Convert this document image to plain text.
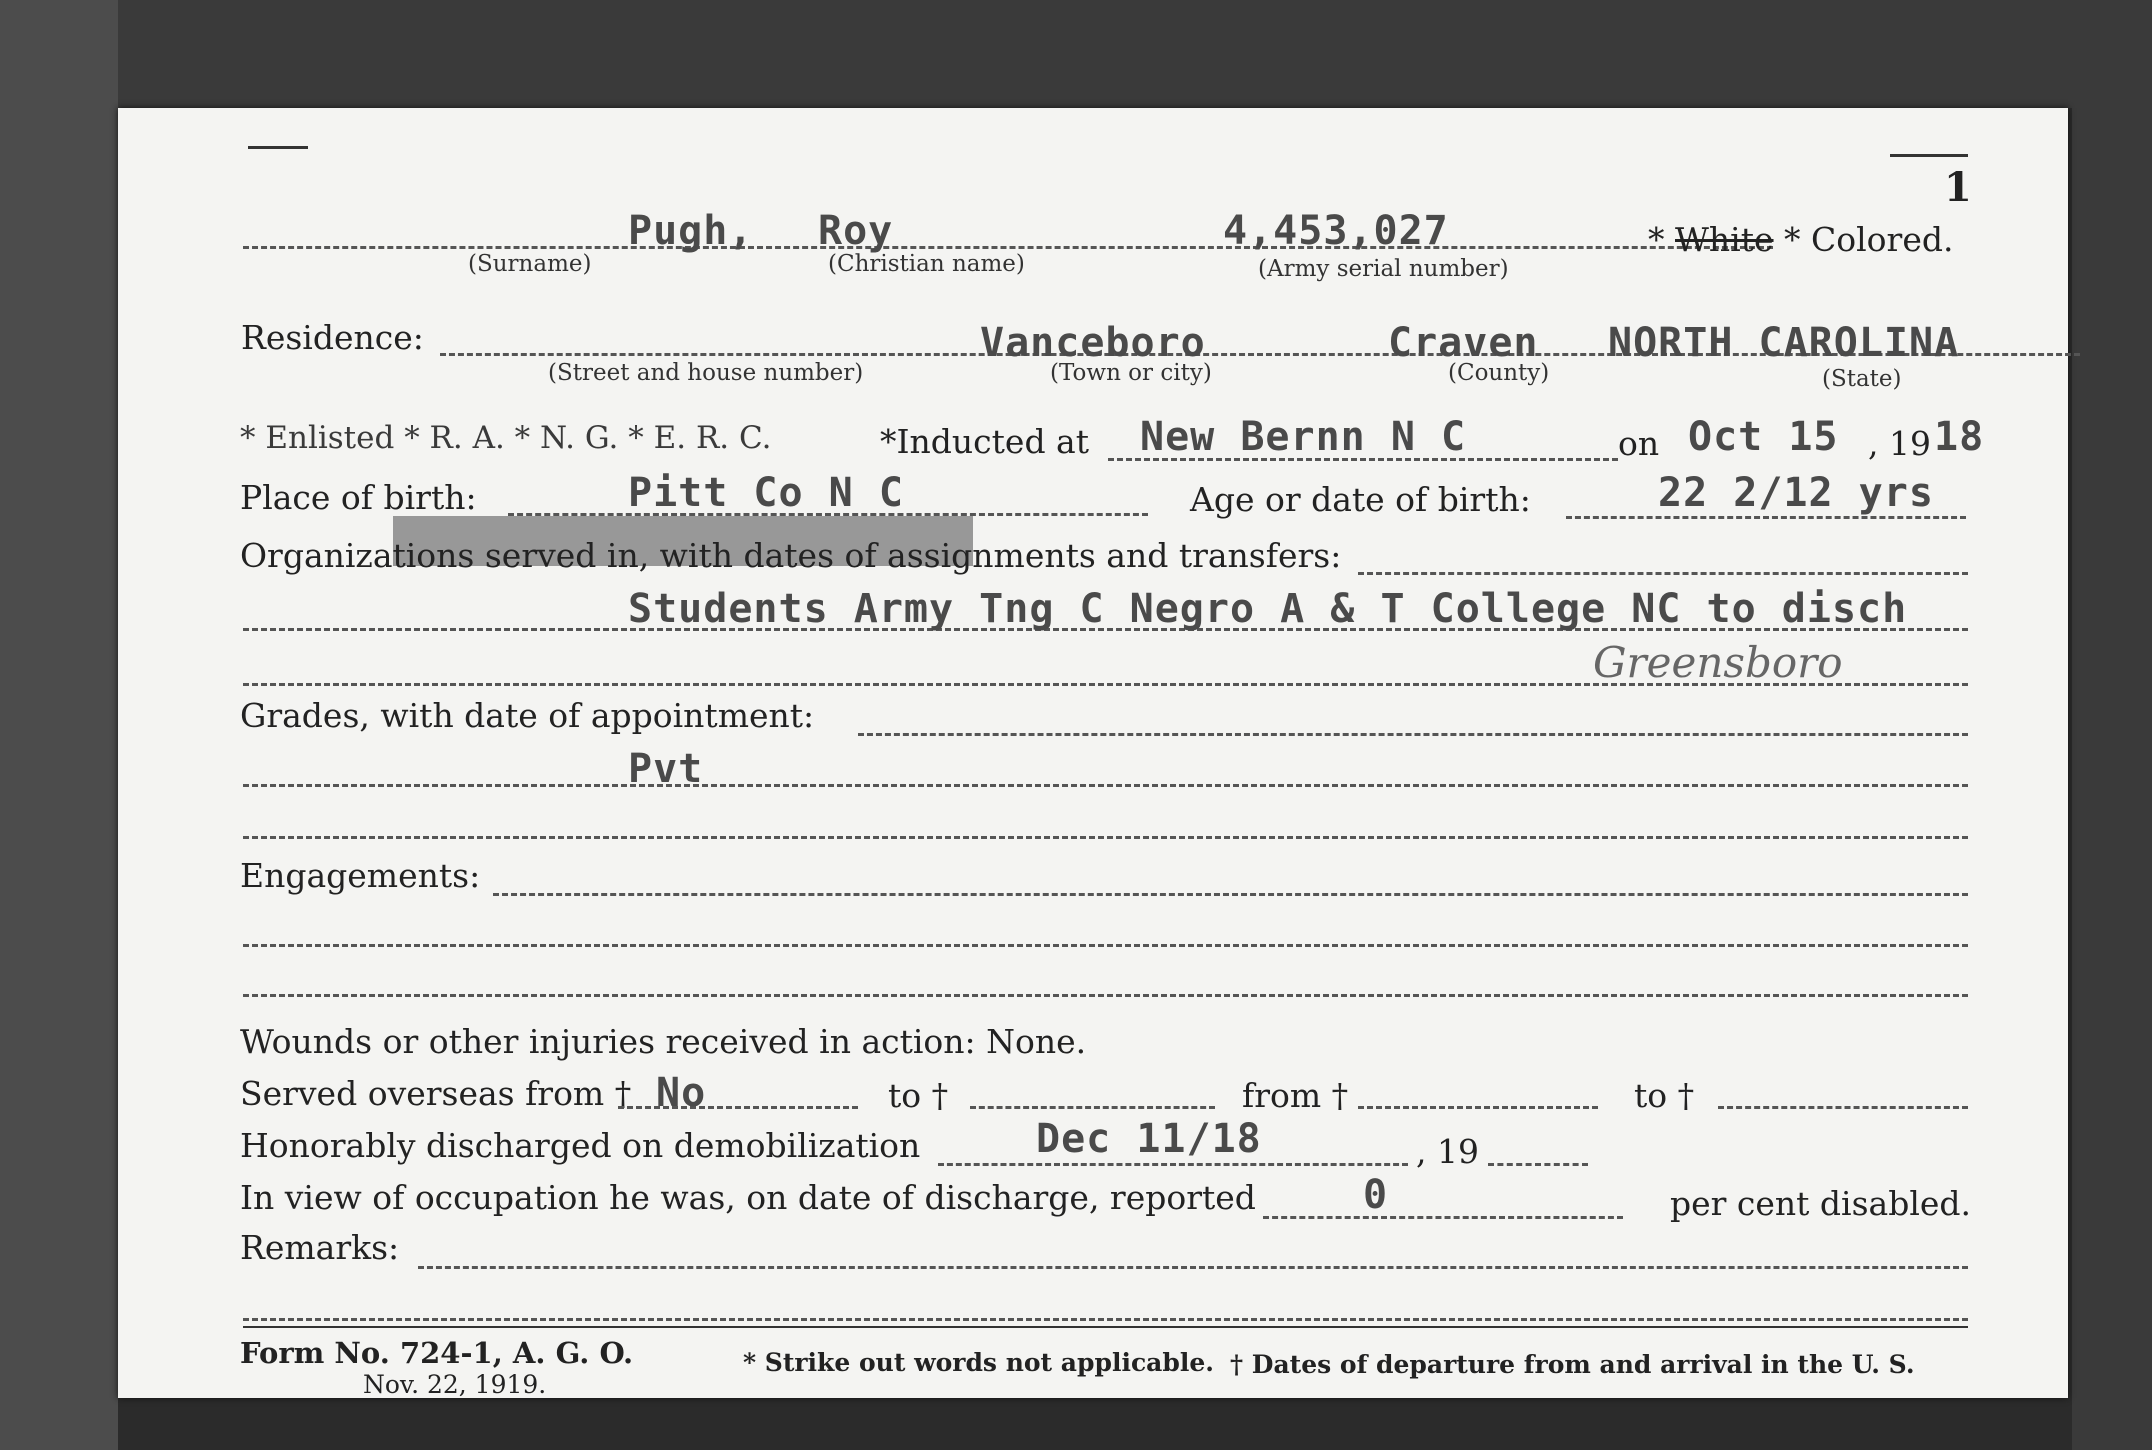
1
Pugh, Roy	4,453,027	* White * Colored.
(Surname)	(Christian name)	(Army serial number)
Residence:	Vanceboro	Craven NORTH CAROLINA
(Street and house number)	(Town or city)	(County)	(State)
* Enlisted * R. A. * N. G. * E. R. C.	*Inducted at New Bernn N C	on Oct 15 , 19 18
Place of birth:	Pitt Co N C	Age or date of birth:	22 2/12 yrs
Organizations served in, with dates of assignments and transfers:
Students Army Tng C Negro A & T College NC to disch
Greensboro
Grades, with date of appointment:
Pvt
Engagements:
Wounds or other injuries received in action: None.
Served overseas from † No	to †	from †	to †
Honorably discharged on demobilization	Dec 11/18	, 19
In view of occupation he was, on date of discharge, reported	0	per cent disabled.
Remarks:
Form No. 724-1, A. G. O.
Nov. 22, 1919.
* Strike out words not applicable. † Dates of departure from and arrival in the U. S.
